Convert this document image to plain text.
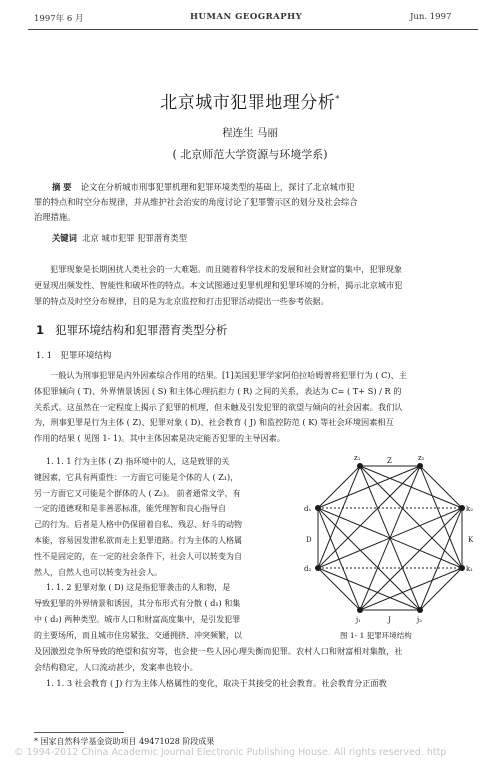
1997年 6 月	HUMAN GEOGRAPHY	Jun. 1997
北京城市犯罪地理分析*
程连生 马丽
( 北京师范大学资源与环境学系)
摘 要 论文在分析城市刑事犯罪机理和犯罪环境类型的基础上，探讨了北京城市犯
罪的特点和时空分布规律，并从维护社会治安的角度讨论了犯罪警示区的划分及社会综合
治理措施。
关键词 北京 城市犯罪 犯罪潜育类型
犯罪现象是长期困扰人类社会的一大难题。而且随着科学技术的发展和社会财富的集中，犯罪现象
更显现出频发性、智能性和破坏性的特点。本文试图通过犯罪机理和犯罪环境的分析，揭示北京城市犯
罪的特点及时空分布规律，目的是为北京监控和打击犯罪活动提出一些参考依据。
1 犯罪环境结构和犯罪潜育类型分析
1. 1 犯罪环境结构
一般认为刑事犯罪是内外因素综合作用的结果。[1]美国犯罪学家阿伯拉哈姆曾将犯罪行为 ( C)、主
体犯罪倾向 ( T)、外界情景诱因 ( S) 和主体心理抗拒力 ( R) 之间的关系，表达为 C= ( T+ S) / R 的
关系式。这虽然在一定程度上揭示了犯罪的机理，但未触及引发犯罪的欲望与倾向的社会因素。我们认
为，刑事犯罪是行为主体 ( Z)、犯罪对象 ( D)、社会教育 ( J) 和监控防范 ( K) 等社会环境因素相互
作用的结果 ( 见图 1- 1)。其中主体因素是决定能否犯罪的主导因素。
1. 1. 1 行为主体 ( Z) 指环境中的人，这是致罪的关
键因素，它具有两重性：一方面它可能是个体的人 ( Z₁)，
另一方面它又可能是个群体的人 ( Z₂)。 前者通常文学，有
一定的道德观和是非善恶标准，能凭理智和良心指导自
己的行为。后者是人格中仍保留着自私、残忍、好斗的动物
本能，容易因发泄私欲而走上犯罪道路。行为主体的人格属
性不是固定的，在一定的社会条件下，社会人可以转变为自
然人，自然人也可以转变为社会人。
1. 1. 2 犯罪对象 ( D) 这是指犯罪袭击的人和物，是
导致犯罪的外界情景和诱因，其分布形式有分散 ( d₁) 和集
中 ( d₂) 两种类型。城市人口和财富高度集中，是引发犯罪
的主要场所，而且城市住房紧张、交通拥挤、冲突频繁，以
z₁	Z	z₂
d₁	k₂
D	K
d₂	k₁
j₁	J	j₂
图 1- 1 犯罪环境结构
及因激烈竞争所导致的绝望和贫穷等，也会使一些人因心理失衡而犯罪。农村人口和财富相对集散，社
会结构稳定，人口流动甚少，发案率也较小。
1. 1. 3 社会教育 ( J) 行为主体人格属性的变化，取决于其接受的社会教育。社会教育分正面教
* 国家自然科学基金资助项目 49471028 阶段成果
© 1994-2012 China Academic Journal Electronic Publishing House. All rights reserved. http
